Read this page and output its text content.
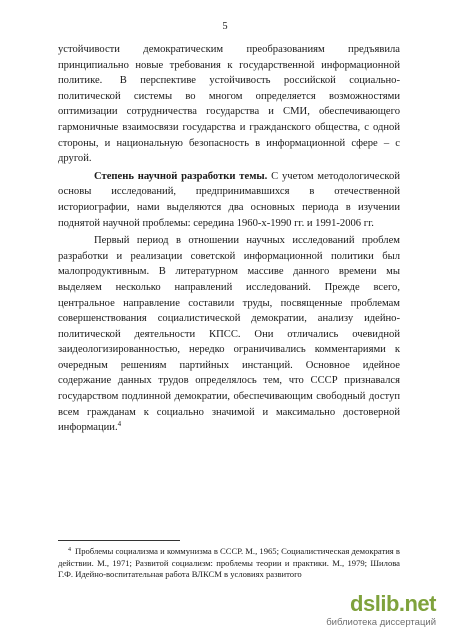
5

устойчивости демократическим преобразованиям предъявила принципиально новые требования к государственной информационной политике. В перспективе устойчивость российской социально-политической системы во многом определяется возможностями оптимизации сотрудничества государства и СМИ, обеспечивающего гармоничные взаимосвязи государства и гражданского общества, с одной стороны, и национальную безопасность в информационной сфере – с другой.

Степень научной разработки темы. С учетом методологической основы исследований, предпринимавшихся в отечественной историографии, нами выделяются два основных периода в изучении поднятой научной проблемы: середина 1960-х-1990 гг. и 1991-2006 гг.

Первый период в отношении научных исследований проблем разработки и реализации советской информационной политики был малопродуктивным. В литературном массиве данного времени мы выделяем несколько направлений исследований. Прежде всего, центральное направление составили труды, посвященные проблемам совершенствования социалистической демократии, анализу идейно-политической деятельности КПСС. Они отличались очевидной заидеологизированностью, нередко ограничивались комментариями к очередным решениям партийных инстанций. Основное идейное содержание данных трудов определялось тем, что СССР признавался государством подлинной демократии, обеспечивающим свободный доступ всем гражданам к социально значимой и максимально достоверной информации.$^4$

$^4$ Проблемы социализма и коммунизма в СССР. М., 1965; Социалистическая демократия в действии. М., 1971; Развитой социализм: проблемы теории и практики. М., 1979; Шилова Г.Ф. Идейно-воспитательная работа ВЛКСМ в условиях развитого
dslib.net
библиотека диссертаций
